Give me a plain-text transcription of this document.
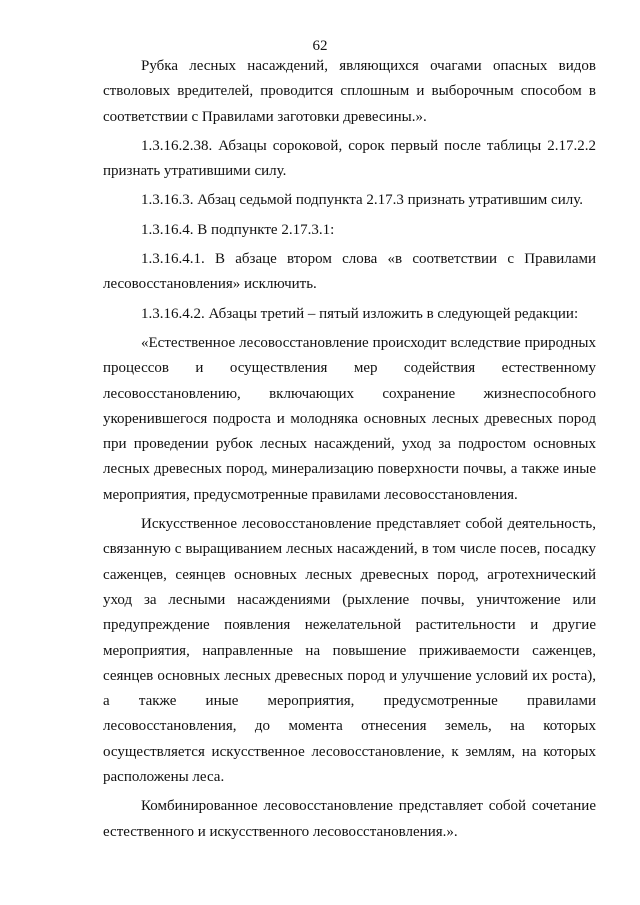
62

Рубка лесных насаждений, являющихся очагами опасных видов стволовых вредителей, проводится сплошным и выборочным способом в соответствии с Правилами заготовки древесины.».

1.3.16.2.38. Абзацы сороковой, сорок первый после таблицы 2.17.2.2 признать утратившими силу.

1.3.16.3. Абзац седьмой подпункта 2.17.3 признать утратившим силу.

1.3.16.4. В подпункте 2.17.3.1:

1.3.16.4.1. В абзаце втором слова «в соответствии с Правилами лесовосстановления» исключить.

1.3.16.4.2. Абзацы третий – пятый изложить в следующей редакции:

«Естественное лесовосстановление происходит вследствие природных процессов и осуществления мер содействия естественному лесовосстановлению, включающих сохранение жизнеспособного укоренившегося подроста и молодняка основных лесных древесных пород при проведении рубок лесных насаждений, уход за подростом основных лесных древесных пород, минерализацию поверхности почвы, а также иные мероприятия, предусмотренные правилами лесовосстановления.

Искусственное лесовосстановление представляет собой деятельность, связанную с выращиванием лесных насаждений, в том числе посев, посадку саженцев, сеянцев основных лесных древесных пород, агротехнический уход за лесными насаждениями (рыхление почвы, уничтожение или предупреждение появления нежелательной растительности и другие мероприятия, направленные на повышение приживаемости саженцев, сеянцев основных лесных древесных пород и улучшение условий их роста), а также иные мероприятия, предусмотренные правилами лесовосстановления, до момента отнесения земель, на которых осуществляется искусственное лесовосстановление, к землям, на которых расположены леса.

Комбинированное лесовосстановление представляет собой сочетание естественного и искусственного лесовосстановления.».
